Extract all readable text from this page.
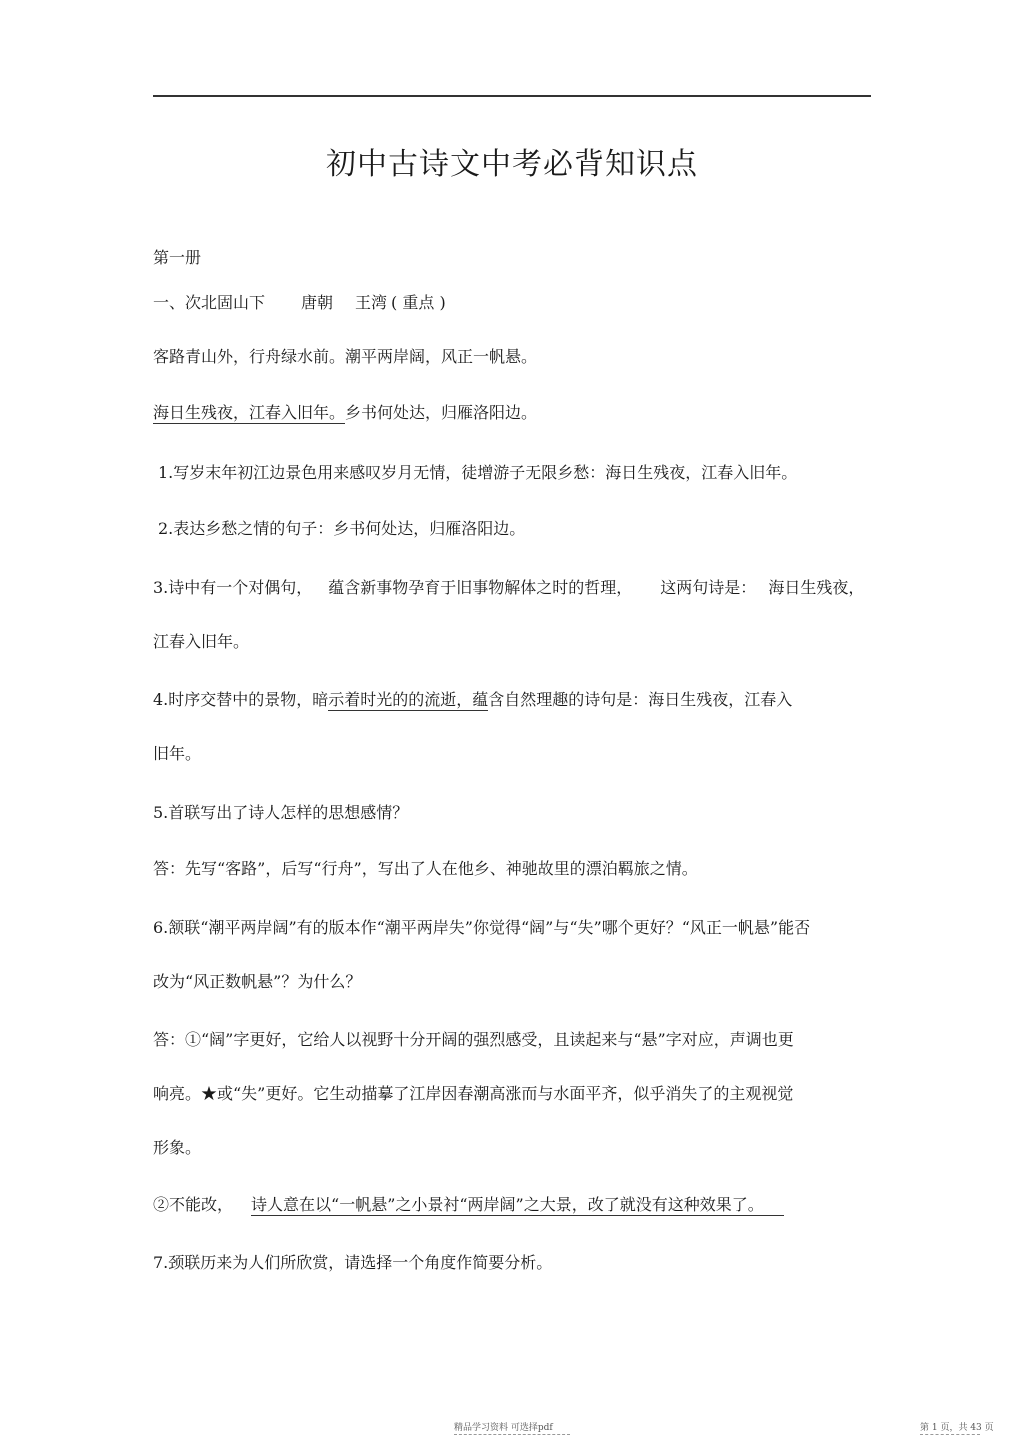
初中古诗文中考必背知识点
第一册
一、次北固山下 唐朝 王湾 ( 重点 )
客路青山外，行舟绿水前。潮平两岸阔，风正一帆悬。
海日生残夜，江春入旧年。乡书何处达，归雁洛阳边。
1.写岁末年初江边景色用来感叹岁月无情，徒增游子无限乡愁：海日生残夜，江春入旧年。
2.表达乡愁之情的句子：乡书何处达，归雁洛阳边。
3.诗中有一个对偶句， 蕴含新事物孕育于旧事物解体之时的哲理， 这两句诗是： 海日生残夜，
江春入旧年。
4.时序交替中的景物，暗示着时光的的流逝，蕴含自然理趣的诗句是：海日生残夜，江春入
旧年。
5.首联写出了诗人怎样的思想感情？
答：先写“客路”，后写“行舟”，写出了人在他乡、神驰故里的漂泊羁旅之情。
6.颔联“潮平两岸阔”有的版本作“潮平两岸失”你觉得“阔”与“失”哪个更好？“风正一帆悬”能否
改为“风正数帆悬”？为什么？
答：①“阔”字更好，它给人以视野十分开阔的强烈感受，且读起来与“悬”字对应，声调也更
响亮。★或“失”更好。它生动描摹了江岸因春潮高涨而与水面平齐，似乎消失了的主观视觉
形象。
②不能改， 诗人意在以“一帆悬”之小景衬“两岸阔”之大景，改了就没有这种效果了。
7.颈联历来为人们所欣赏，请选择一个角度作简要分析。
精品学习资料 可选择pdf	第 1 页，共 43 页
